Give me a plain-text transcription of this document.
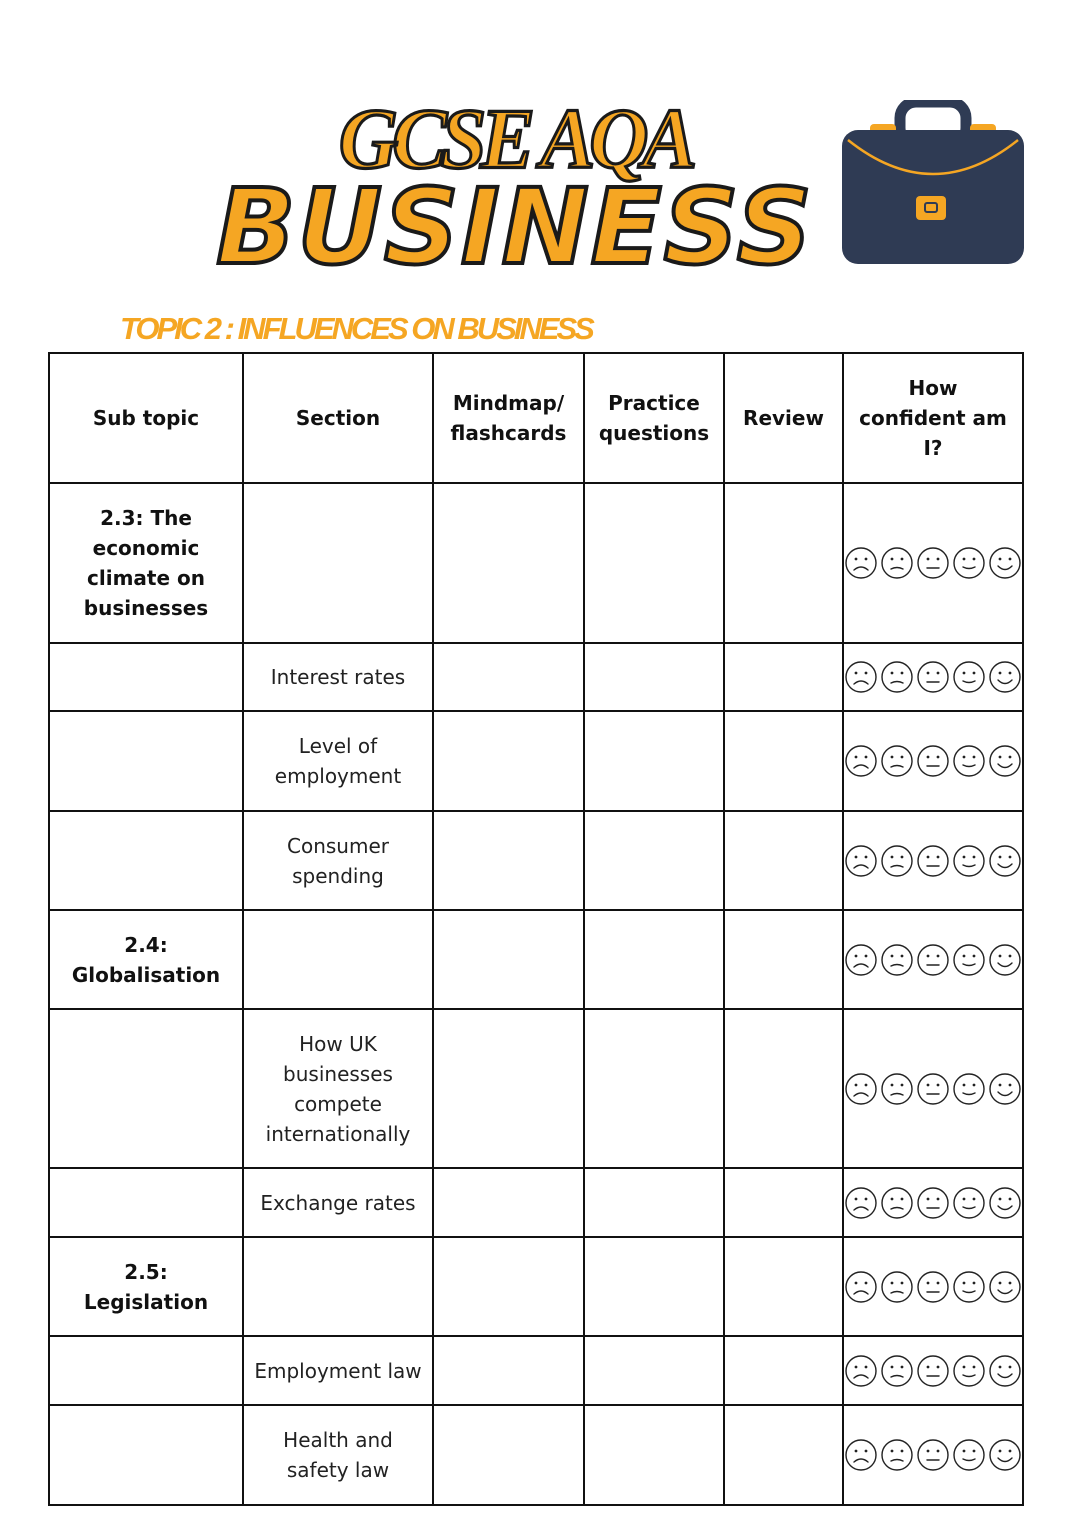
GCSE AQA
BUSINESS
TOPIC 2 : INFLUENCES ON BUSINESS
Sub topic	Section	Mindmap/ flashcards	Practice questions	Review	How confident am I?
2.3: The economic climate on businesses					

	Interest rates				

	Level of employment				

	Consumer spending				

2.4: Globalisation					

	How UK businesses compete internationally				

	Exchange rates				

2.5: Legislation					

	Employment law				

	Health and safety law				
